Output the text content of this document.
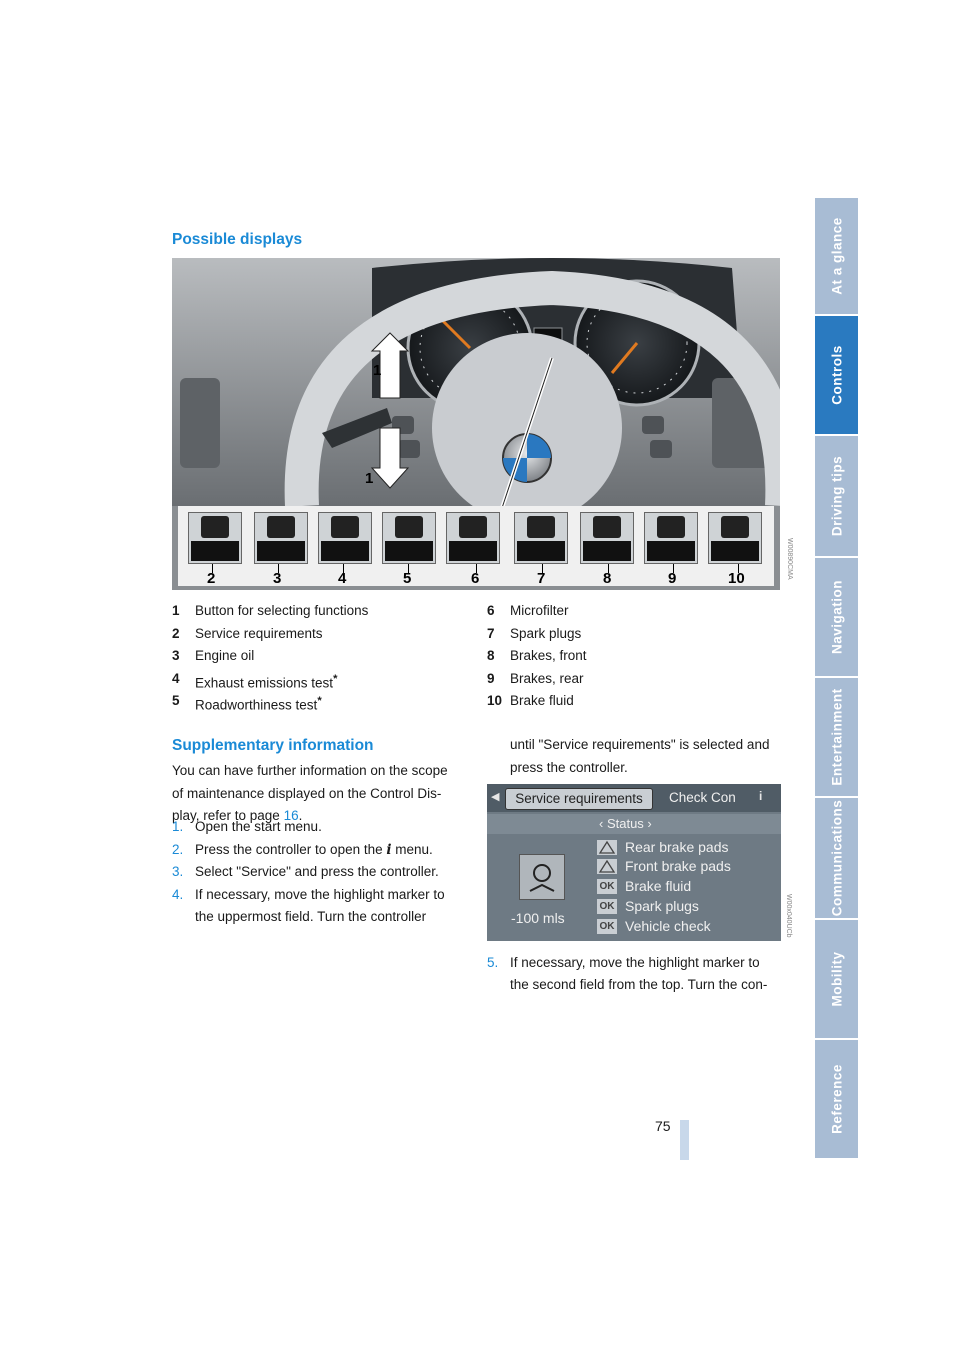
At a glance
Controls
Driving tips
Navigation
Entertainment
Communications
Mobility
Reference
Possible displays
1
1
2	3	4	5	6	7	8	9	10	W00890CMA
1 Button for selecting functions
2 Service requirements
3 Engine oil
4 Exhaust emissions test*
5 Roadworthiness test*
6 Microfilter
7 Spark plugs
8 Brakes, front
9 Brakes, rear
10 Brake fluid
Supplementary information
You can have further information on the scope
of maintenance displayed on the Control Dis-
play, refer to page 16.
1. Open the start menu.
2. Press the controller to open the i menu.
3. Select "Service" and press the controller.
4. If necessary, move the highlight marker to
the uppermost field. Turn the controller
until "Service requirements" is selected and
press the controller.
◀	Service requirements	Check Con i
‹ Status ›
-100 mls
Rear brake pads
Front brake pads
OK Brake fluid
OK Spark plugs
OK Vehicle check	W00x040UCb
5. If necessary, move the highlight marker to
the second field from the top. Turn the con-
75
